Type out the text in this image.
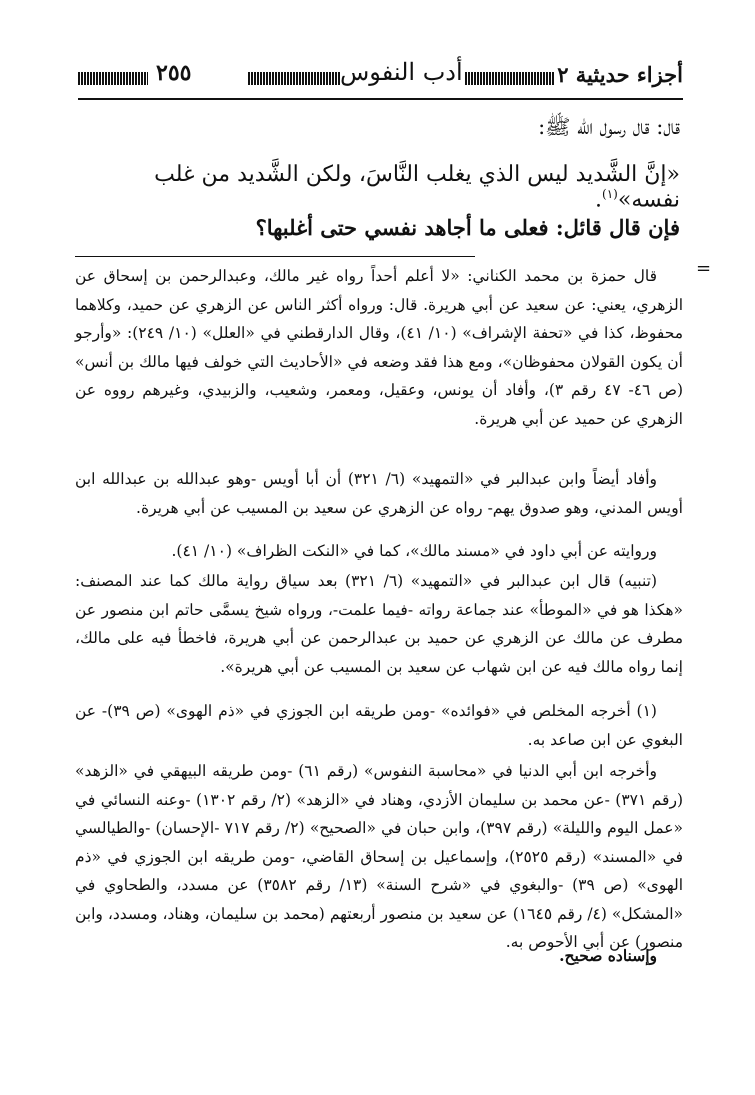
أجزاء حديثية ٢
أدب النفوس
٢٥٥
قال: قال رسول الله ﷺ:
«إنَّ الشَّديد ليس الذي يغلب النَّاسَ، ولكن الشَّديد من غلب نفسه»$^{(١)}$.
فإن قال قائل: فعلى ما أجاهد نفسي حتى أغلبها؟
=
قال حمزة بن محمد الكناني: «لا أعلم أحداً رواه غير مالك، وعبدالرحمن بن إسحاق عن الزهري، يعني: عن سعيد عن أبي هريرة. قال: ورواه أكثر الناس عن الزهري عن حميد، وكلاهما محفوظ، كذا في «تحفة الإشراف» (١٠/ ٤١)، وقال الدارقطني في «العلل» (١٠/ ٢٤٩): «وأرجو أن يكون القولان محفوظان»، ومع هذا فقد وضعه في «الأحاديث التي خولف فيها مالك بن أنس» (ص ٤٦- ٤٧ رقم ٣)، وأفاد أن يونس، وعقيل، ومعمر، وشعيب، والزبيدي، وغيرهم رووه عن الزهري عن حميد عن أبي هريرة.
وأفاد أيضاً وابن عبدالبر في «التمهيد» (٦/ ٣٢١) أن أبا أويس -وهو عبدالله بن عبدالله ابن أويس المدني، وهو صدوق يهم- رواه عن الزهري عن سعيد بن المسيب عن أبي هريرة.
وروايته عن أبي داود في «مسند مالك»، كما في «النكت الظراف» (١٠/ ٤١).
(تنبيه) قال ابن عبدالبر في «التمهيد» (٦/ ٣٢١) بعد سياق رواية مالك كما عند المصنف: «هكذا هو في «الموطأ» عند جماعة رواته -فيما علمت-، ورواه شيخ يسمَّى حاتم ابن منصور عن مطرف عن مالك عن الزهري عن حميد بن عبدالرحمن عن أبي هريرة، فاخطأ فيه على مالك، إنما رواه مالك فيه عن ابن شهاب عن سعيد بن المسيب عن أبي هريرة».
(١) أخرجه المخلص في «فوائده» -ومن طريقه ابن الجوزي في «ذم الهوى» (ص ٣٩)- عن البغوي عن ابن صاعد به.
وأخرجه ابن أبي الدنيا في «محاسبة النفوس» (رقم ٦١) -ومن طريقه البيهقي في «الزهد» (رقم ٣٧١) -عن محمد بن سليمان الأزدي، وهناد في «الزهد» (٢/ رقم ١٣٠٢) -وعنه النسائي في «عمل اليوم والليلة» (رقم ٣٩٧)، وابن حبان في «الصحيح» (٢/ رقم ٧١٧ -الإحسان) -والطيالسي في «المسند» (رقم ٢٥٢٥)، وإسماعيل بن إسحاق القاضي، -ومن طريقه ابن الجوزي في «ذم الهوى» (ص ٣٩) -والبغوي في «شرح السنة» (١٣/ رقم ٣٥٨٢) عن مسدد، والطحاوي في «المشكل» (٤/ رقم ١٦٤٥) عن سعيد بن منصور أربعتهم (محمد بن سليمان، وهناد، ومسدد، وابن منصور) عن أبي الأحوص به.
وإسناده صحيح.
